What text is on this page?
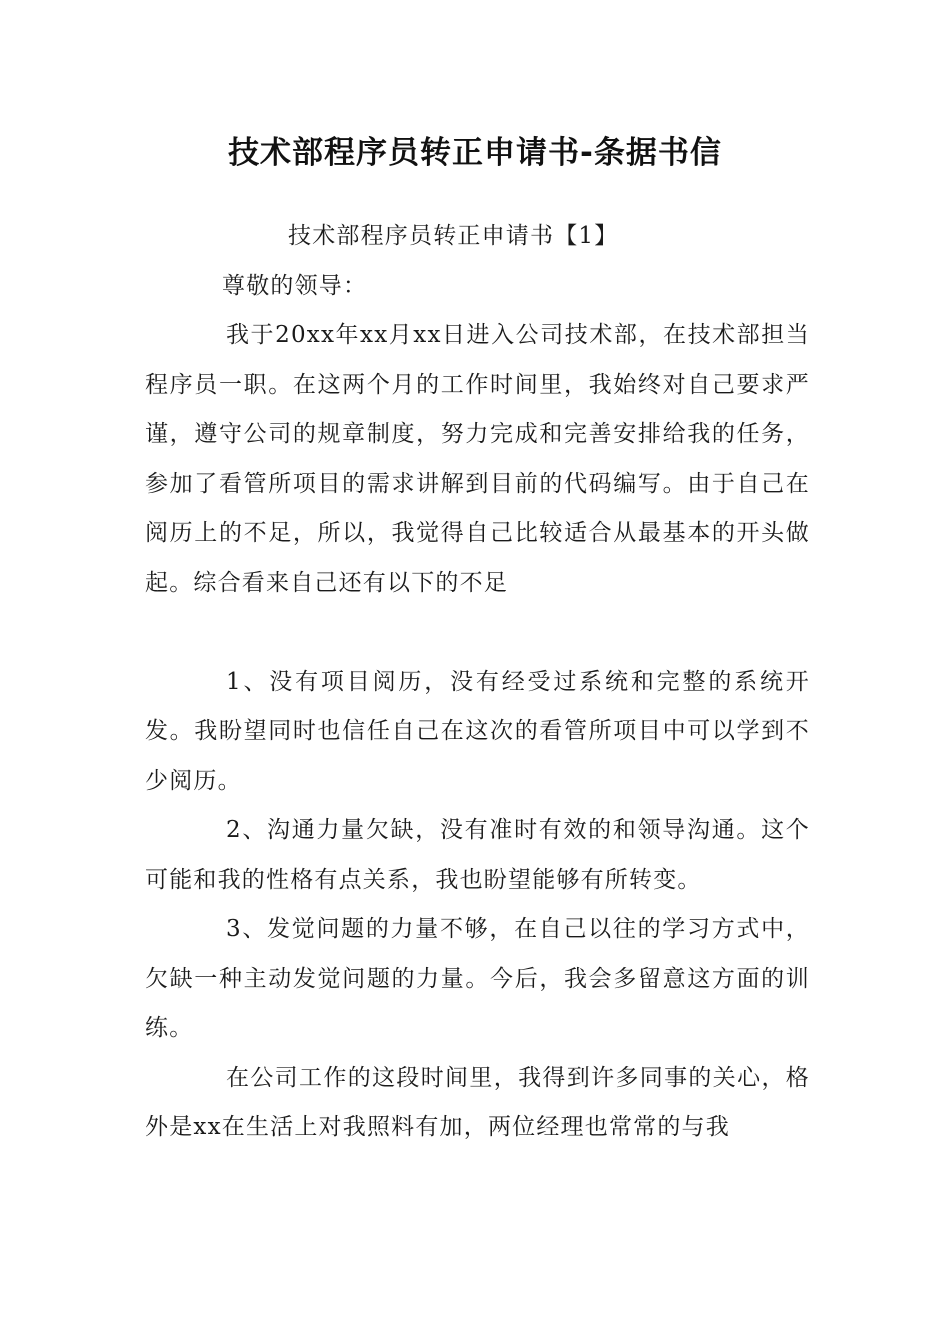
技术部程序员转正申请书-条据书信

技术部程序员转正申请书【1】

尊敬的领导：

我于20xx年xx月xx日进入公司技术部，在技术部担当程序员一职。在这两个月的工作时间里，我始终对自己要求严谨，遵守公司的规章制度，努力完成和完善安排给我的任务，参加了看管所项目的需求讲解到目前的代码编写。由于自己在阅历上的不足，所以，我觉得自己比较适合从最基本的开头做起。综合看来自己还有以下的不足

1、没有项目阅历，没有经受过系统和完整的系统开发。我盼望同时也信任自己在这次的看管所项目中可以学到不少阅历。

2、沟通力量欠缺，没有准时有效的和领导沟通。这个可能和我的性格有点关系，我也盼望能够有所转变。

3、发觉问题的力量不够，在自己以往的学习方式中，欠缺一种主动发觉问题的力量。今后，我会多留意这方面的训练。

在公司工作的这段时间里，我得到许多同事的关心，格外是xx在生活上对我照料有加，两位经理也常常的与我
